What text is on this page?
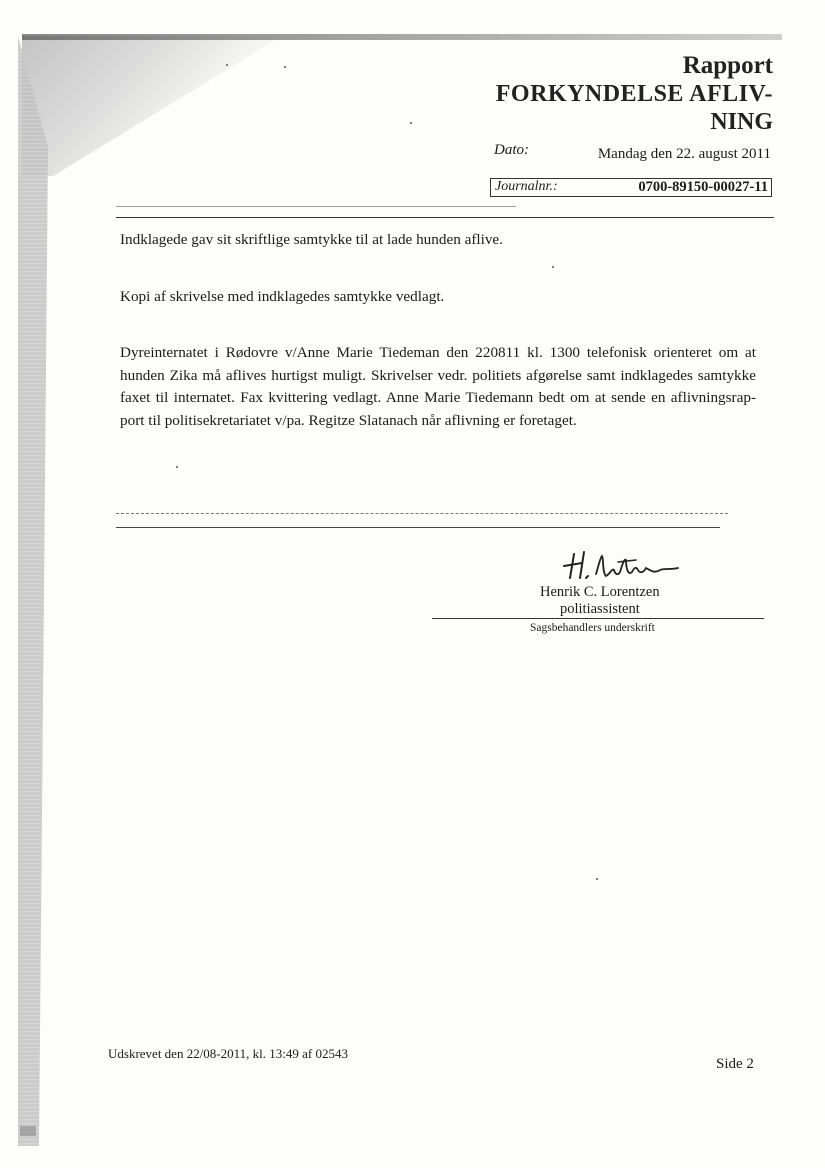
Rapport
FORKYNDELSE AFLIV-
NING
Dato:	Mandag den 22. august 2011
Journalnr.:	0700-89150-00027-11
Indklagede gav sit skriftlige samtykke til at lade hunden aflive.
Kopi af skrivelse med indklagedes samtykke vedlagt.
Dyreinternatet i Rødovre v/Anne Marie Tiedeman den 220811 kl. 1300 telefonisk orienteret om at hunden Zika må aflives hurtigst muligt. Skrivelser vedr. politiets afgørelse samt indklagedes samtykke faxet til internatet. Fax kvittering vedlagt. Anne Marie Tiedemann bedt om at sende en aflivningsrap-port til politisekretariatet v/pa. Regitze Slatanach når aflivning er foretaget.
Henrik C. Lorentzen
politiassistent
Sagsbehandlers underskrift
Udskrevet den 22/08-2011, kl. 13:49 af 02543
Side 2
